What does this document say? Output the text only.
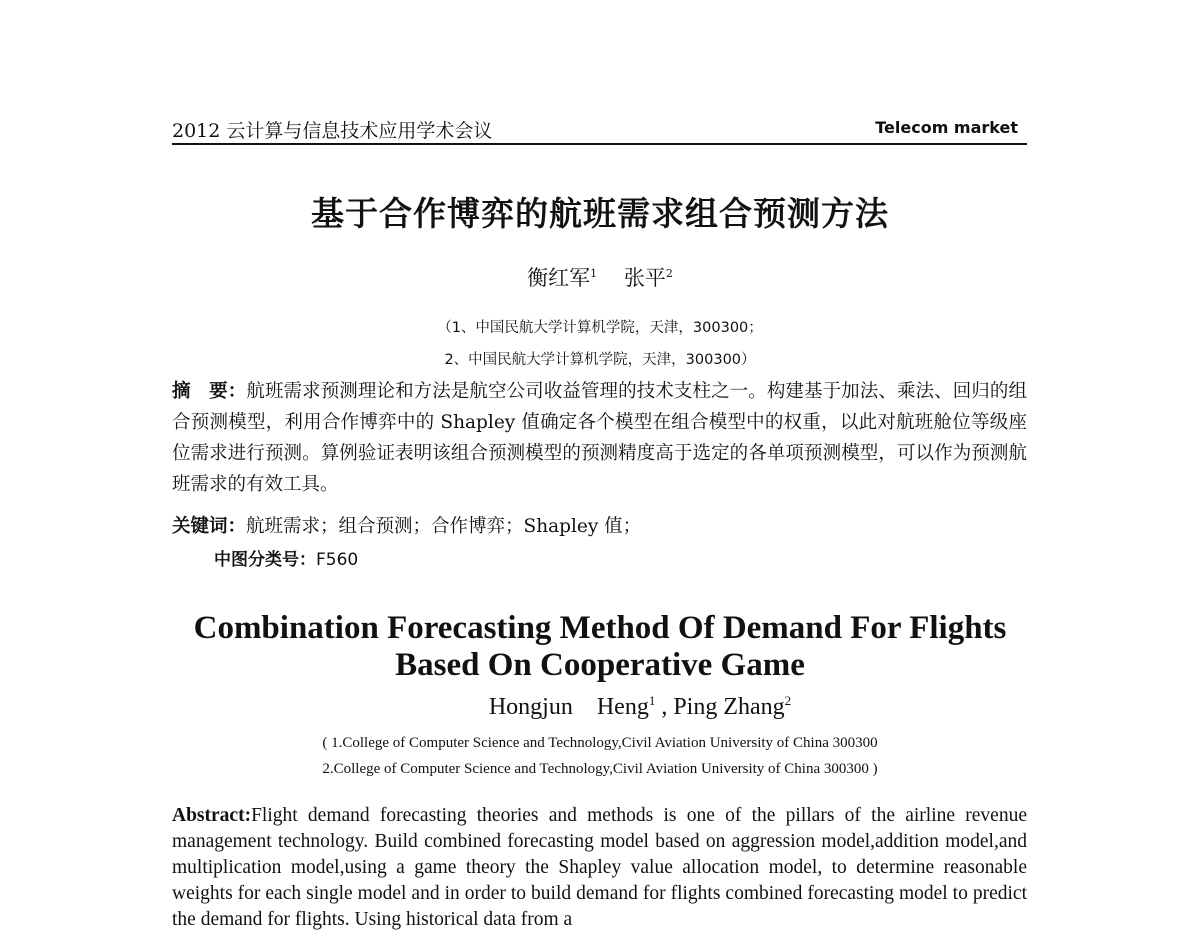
2012 云计算与信息技术应用学术会议	Telecom market
基于合作博弈的航班需求组合预测方法
衡红军$^1$ 张平$^2$
（1、中国民航大学计算机学院，天津，300300；
2、中国民航大学计算机学院，天津，300300）
摘　要：航班需求预测理论和方法是航空公司收益管理的技术支柱之一。构建基于加法、乘法、回归的组合预测模型，利用合作博弈中的 Shapley 值确定各个模型在组合模型中的权重，以此对航班舱位等级座位需求进行预测。算例验证表明该组合预测模型的预测精度高于选定的各单项预测模型，可以作为预测航班需求的有效工具。
关键词：航班需求；组合预测；合作博弈；Shapley 值；
中图分类号：F560
Combination Forecasting Method Of Demand For Flights
Based On Cooperative Game
Hongjun    Heng$^1$ , Ping Zhang$^2$
( 1.College of Computer Science and Technology,Civil Aviation University of China 300300
2.College of Computer Science and Technology,Civil Aviation University of China 300300 )
Abstract:Flight demand forecasting theories and methods is one of the pillars of the airline revenue management technology. Build combined forecasting model based on aggression model,addition model,and multiplication model,using a game theory the Shapley value allocation model, to determine reasonable weights for each single model and in order to build demand for flights combined forecasting model to predict the demand for flights. Using historical data from a
